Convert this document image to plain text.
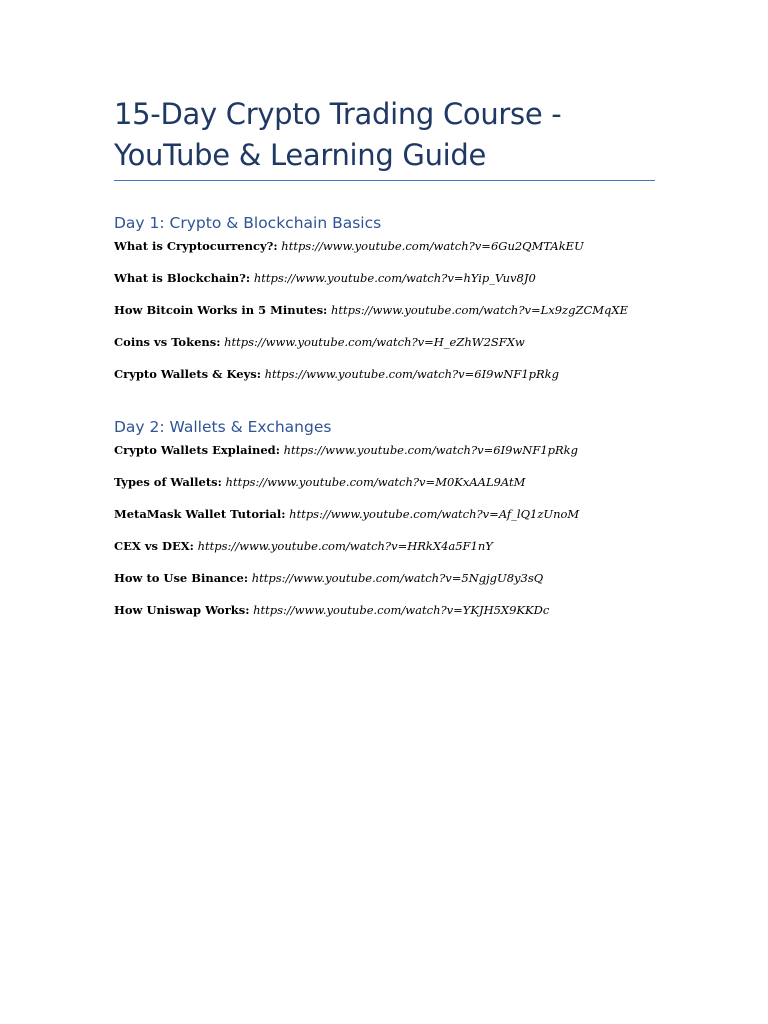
15-Day Crypto Trading Course - YouTube & Learning Guide
Day 1: Crypto & Blockchain Basics

What is Cryptocurrency?: https://www.youtube.com/watch?v=6Gu2QMTAkEU

What is Blockchain?: https://www.youtube.com/watch?v=hYip_Vuv8J0

How Bitcoin Works in 5 Minutes: https://www.youtube.com/watch?v=Lx9zgZCMqXE

Coins vs Tokens: https://www.youtube.com/watch?v=H_eZhW2SFXw

Crypto Wallets & Keys: https://www.youtube.com/watch?v=6I9wNF1pRkg

Day 2: Wallets & Exchanges

Crypto Wallets Explained: https://www.youtube.com/watch?v=6I9wNF1pRkg

Types of Wallets: https://www.youtube.com/watch?v=M0KxAAL9AtM

MetaMask Wallet Tutorial: https://www.youtube.com/watch?v=Af_lQ1zUnoM

CEX vs DEX: https://www.youtube.com/watch?v=HRkX4a5F1nY

How to Use Binance: https://www.youtube.com/watch?v=5NgjgU8y3sQ

How Uniswap Works: https://www.youtube.com/watch?v=YKJH5X9KKDc
